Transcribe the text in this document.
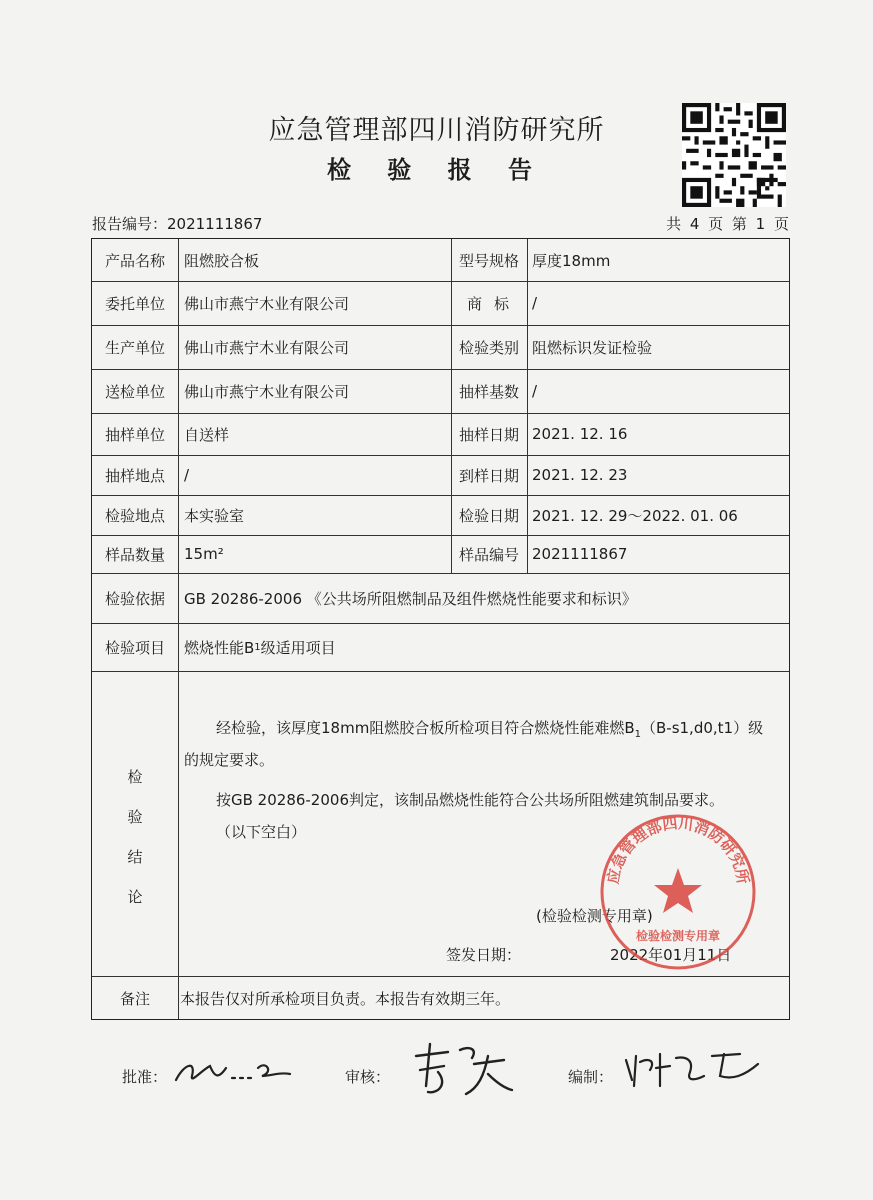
应急管理部四川消防研究所
检 验 报 告
报告编号：2021111867	共 4 页 第 1 页
产品名称	阻燃胶合板	型号规格 厚度18mm
委托单位	佛山市燕宁木业有限公司	商标 /
生产单位	佛山市燕宁木业有限公司	检验类别 阻燃标识发证检验
送检单位	佛山市燕宁木业有限公司	抽样基数 /
抽样单位	自送样	抽样日期 2021. 12. 16
抽样地点	/	到样日期 2021. 12. 23
检验地点	本实验室	检验日期 2021. 12. 29～2022. 01. 06
样品数量	15m²	样品编号 2021111867
检验依据	GB 20286-2006 《公共场所阻燃制品及组件燃烧性能要求和标识》
检验项目	燃烧性能B 1 级适用项目
检
验
结
论
经检验，该厚度18mm阻燃胶合板所检项目符合燃烧性能难燃$B_1(B-s1,d0,t1)$级
的规定要求。
按GB 20286-2006判定，该制品燃烧性能符合公共场所阻燃建筑制品要求。
（以下空白）
(检验检测专用章)
签发日期：	2022年01月11日
备注	本报告仅对所承检项目负责。本报告有效期三年。
应急管理部四川消防研究所
检验检测专用章
批准：	审核：	编制：
